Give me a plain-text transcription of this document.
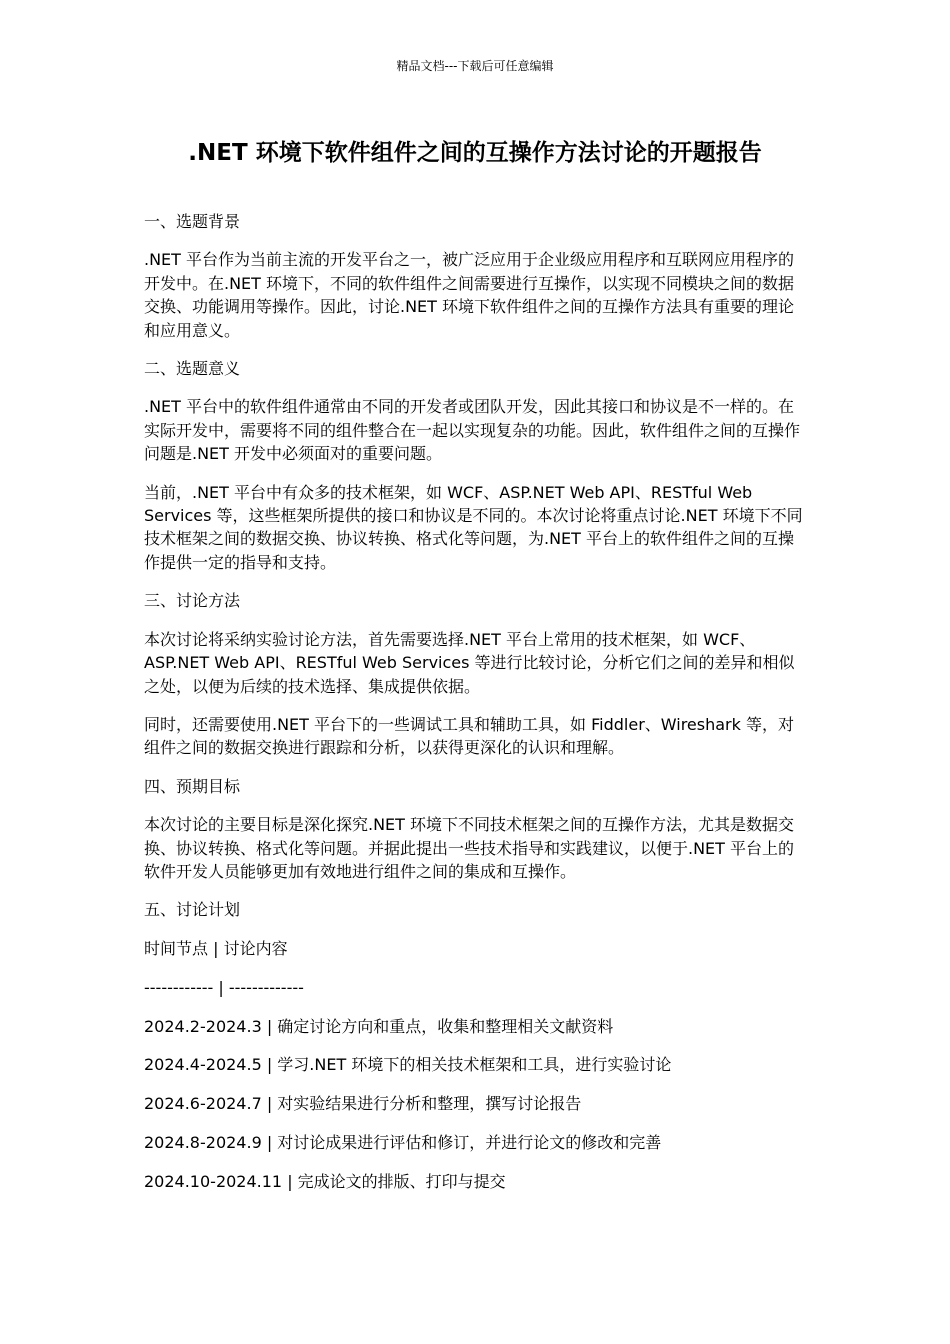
精品文档---下载后可任意编辑
.NET 环境下软件组件之间的互操作方法讨论的开题报告

一、选题背景

.NET 平台作为当前主流的开发平台之一，被广泛应用于企业级应用程序和互联网应用程序的开发中。在.NET 环境下，不同的软件组件之间需要进行互操作，以实现不同模块之间的数据交换、功能调用等操作。因此，讨论.NET 环境下软件组件之间的互操作方法具有重要的理论和应用意义。

二、选题意义

.NET 平台中的软件组件通常由不同的开发者或团队开发，因此其接口和协议是不一样的。在实际开发中，需要将不同的组件整合在一起以实现复杂的功能。因此，软件组件之间的互操作问题是.NET 开发中必须面对的重要问题。

当前，.NET 平台中有众多的技术框架，如 WCF、ASP.NET Web API、RESTful Web Services 等，这些框架所提供的接口和协议是不同的。本次讨论将重点讨论.NET 环境下不同技术框架之间的数据交换、协议转换、格式化等问题，为.NET 平台上的软件组件之间的互操作提供一定的指导和支持。

三、讨论方法

本次讨论将采纳实验讨论方法，首先需要选择.NET 平台上常用的技术框架，如 WCF、ASP.NET Web API、RESTful Web Services 等进行比较讨论，分析它们之间的差异和相似之处，以便为后续的技术选择、集成提供依据。

同时，还需要使用.NET 平台下的一些调试工具和辅助工具，如 Fiddler、Wireshark 等，对组件之间的数据交换进行跟踪和分析，以获得更深化的认识和理解。

四、预期目标

本次讨论的主要目标是深化探究.NET 环境下不同技术框架之间的互操作方法，尤其是数据交换、协议转换、格式化等问题。并据此提出一些技术指导和实践建议，以便于.NET 平台上的软件开发人员能够更加有效地进行组件之间的集成和互操作。

五、讨论计划

时间节点 | 讨论内容

------------ | -------------

2024.2-2024.3 | 确定讨论方向和重点，收集和整理相关文献资料

2024.4-2024.5 | 学习.NET 环境下的相关技术框架和工具，进行实验讨论

2024.6-2024.7 | 对实验结果进行分析和整理，撰写讨论报告

2024.8-2024.9 | 对讨论成果进行评估和修订，并进行论文的修改和完善

2024.10-2024.11 | 完成论文的排版、打印与提交
